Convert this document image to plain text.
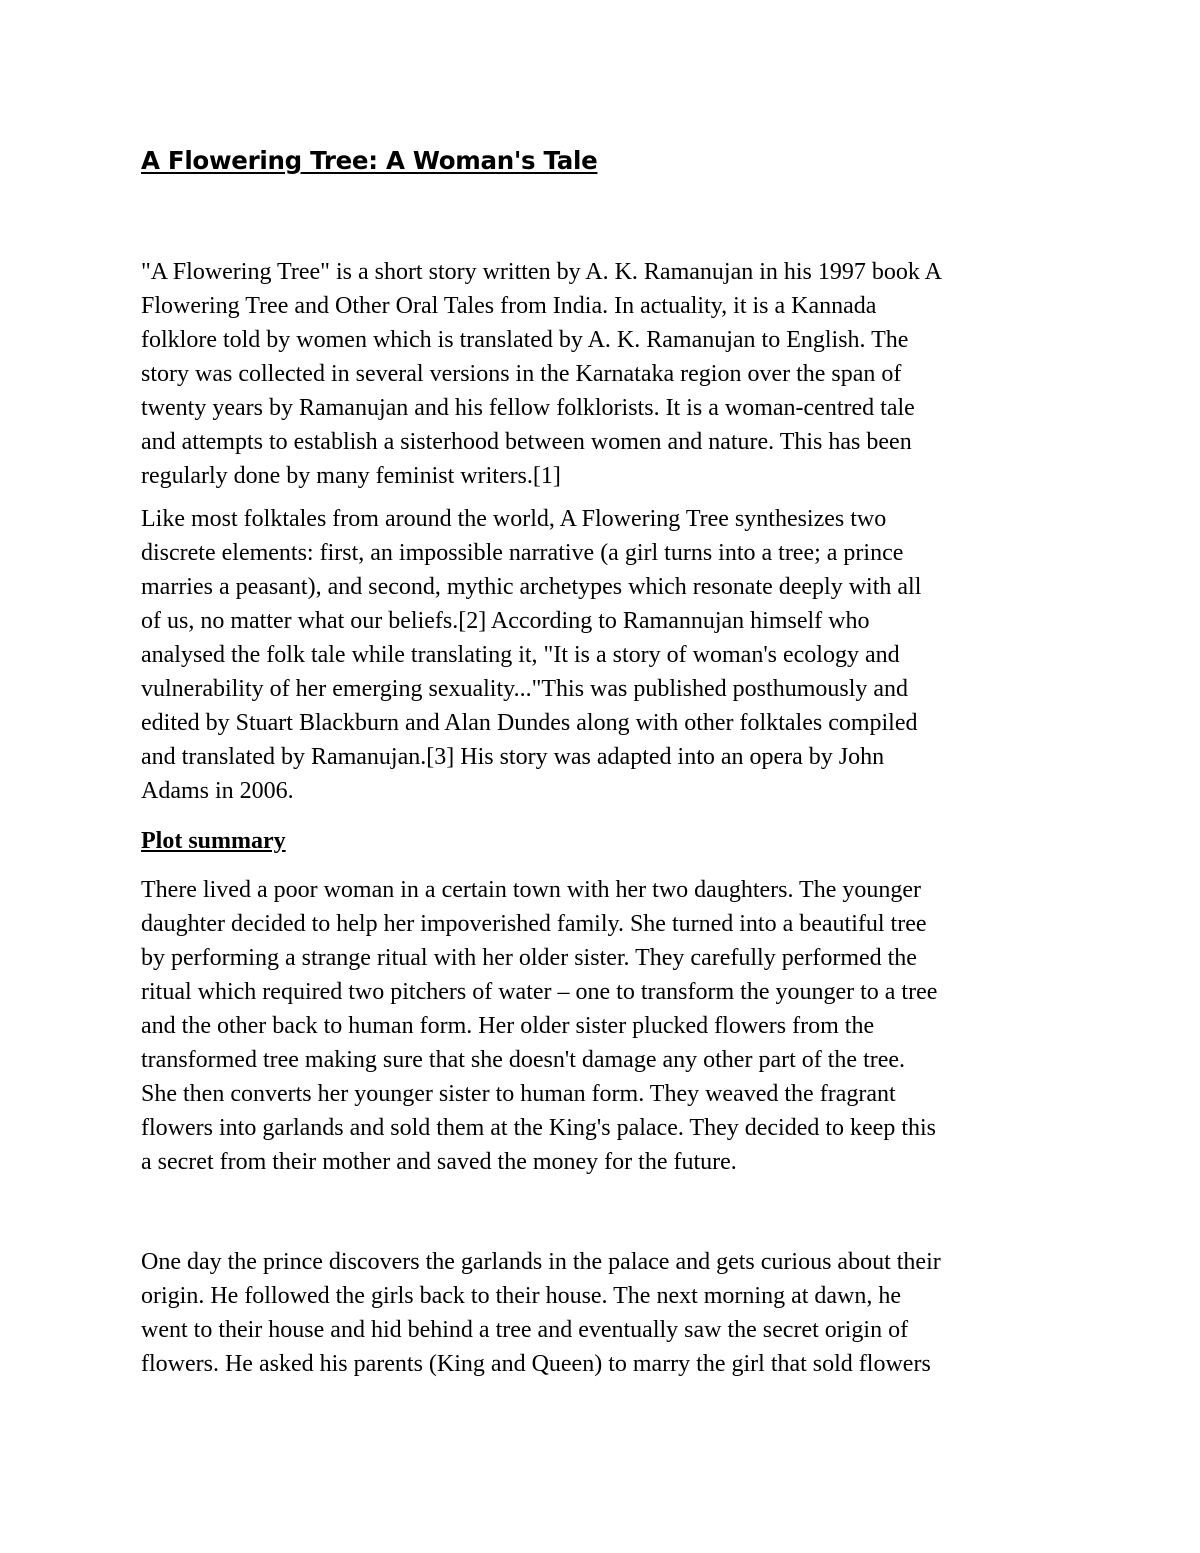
A Flowering Tree: A Woman's Tale

"A Flowering Tree" is a short story written by A. K. Ramanujan in his 1997 book A
Flowering Tree and Other Oral Tales from India. In actuality, it is a Kannada
folklore told by women which is translated by A. K. Ramanujan to English. The
story was collected in several versions in the Karnataka region over the span of
twenty years by Ramanujan and his fellow folklorists. It is a woman-centred tale
and attempts to establish a sisterhood between women and nature. This has been
regularly done by many feminist writers.[1]

Like most folktales from around the world, A Flowering Tree synthesizes two
discrete elements: first, an impossible narrative (a girl turns into a tree; a prince
marries a peasant), and second, mythic archetypes which resonate deeply with all
of us, no matter what our beliefs.[2] According to Ramannujan himself who
analysed the folk tale while translating it, "It is a story of woman's ecology and
vulnerability of her emerging sexuality..."This was published posthumously and
edited by Stuart Blackburn and Alan Dundes along with other folktales compiled
and translated by Ramanujan.[3] His story was adapted into an opera by John
Adams in 2006.

Plot summary

There lived a poor woman in a certain town with her two daughters. The younger
daughter decided to help her impoverished family. She turned into a beautiful tree
by performing a strange ritual with her older sister. They carefully performed the
ritual which required two pitchers of water – one to transform the younger to a tree
and the other back to human form. Her older sister plucked flowers from the
transformed tree making sure that she doesn't damage any other part of the tree.
She then converts her younger sister to human form. They weaved the fragrant
flowers into garlands and sold them at the King's palace. They decided to keep this
a secret from their mother and saved the money for the future.

One day the prince discovers the garlands in the palace and gets curious about their
origin. He followed the girls back to their house. The next morning at dawn, he
went to their house and hid behind a tree and eventually saw the secret origin of
flowers. He asked his parents (King and Queen) to marry the girl that sold flowers
